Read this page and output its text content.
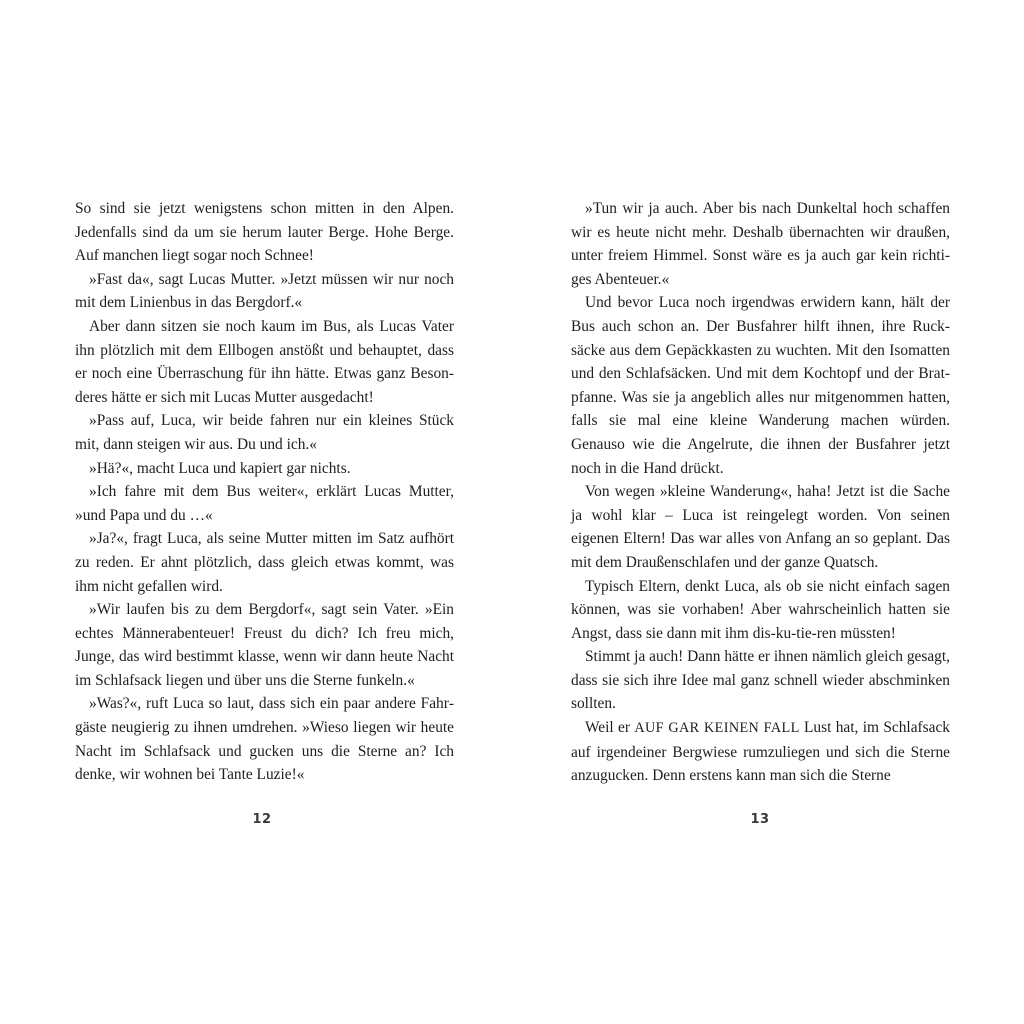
So sind sie jetzt wenigstens schon mitten in den Alpen. Jedenfalls sind da um sie herum lauter Berge. Hohe Berge. Auf manchen liegt sogar noch Schnee!

»Fast da«, sagt Lucas Mutter. »Jetzt müssen wir nur noch mit dem Linienbus in das Bergdorf.«

Aber dann sitzen sie noch kaum im Bus, als Lucas Vater ihn plötzlich mit dem Ellbogen anstößt und behauptet, dass er noch eine Überraschung für ihn hätte. Etwas ganz Besonderes hätte er sich mit Lucas Mutter ausgedacht!

»Pass auf, Luca, wir beide fahren nur ein kleines Stück mit, dann steigen wir aus. Du und ich.«

»Hä?«, macht Luca und kapiert gar nichts.

»Ich fahre mit dem Bus weiter«, erklärt Lucas Mutter, »und Papa und du …«

»Ja?«, fragt Luca, als seine Mutter mitten im Satz aufhört zu reden. Er ahnt plötzlich, dass gleich etwas kommt, was ihm nicht gefallen wird.

»Wir laufen bis zu dem Bergdorf«, sagt sein Vater. »Ein echtes Männerabenteuer! Freust du dich? Ich freu mich, Junge, das wird bestimmt klasse, wenn wir dann heute Nacht im Schlafsack liegen und über uns die Sterne funkeln.«

»Was?«, ruft Luca so laut, dass sich ein paar andere Fahrgäste neugierig zu ihnen umdrehen. »Wieso liegen wir heute Nacht im Schlafsack und gucken uns die Sterne an? Ich denke, wir wohnen bei Tante Luzie!«

»Tun wir ja auch. Aber bis nach Dunkeltal hoch schaffen wir es heute nicht mehr. Deshalb übernachten wir draußen, unter freiem Himmel. Sonst wäre es ja auch gar kein richtiges Abenteuer.«

Und bevor Luca noch irgendwas erwidern kann, hält der Bus auch schon an. Der Busfahrer hilft ihnen, ihre Rucksäcke aus dem Gepäckkasten zu wuchten. Mit den Isomatten und den Schlafsäcken. Und mit dem Kochtopf und der Bratpfanne. Was sie ja angeblich alles nur mitgenommen hatten, falls sie mal eine kleine Wanderung machen würden. Genauso wie die Angelrute, die ihnen der Busfahrer jetzt noch in die Hand drückt.

Von wegen »kleine Wanderung«, haha! Jetzt ist die Sache ja wohl klar – Luca ist reingelegt worden. Von seinen eigenen Eltern! Das war alles von Anfang an so geplant. Das mit dem Draußenschlafen und der ganze Quatsch.

Typisch Eltern, denkt Luca, als ob sie nicht einfach sagen können, was sie vorhaben! Aber wahrscheinlich hatten sie Angst, dass sie dann mit ihm dis-ku-tie-ren müssten!

Stimmt ja auch! Dann hätte er ihnen nämlich gleich gesagt, dass sie sich ihre Idee mal ganz schnell wieder abschminken sollten.

Weil er AUF GAR KEINEN FALL Lust hat, im Schlafsack auf irgendeiner Bergwiese rumzuliegen und sich die Sterne anzugucken. Denn erstens kann man sich die Sterne

12	13
